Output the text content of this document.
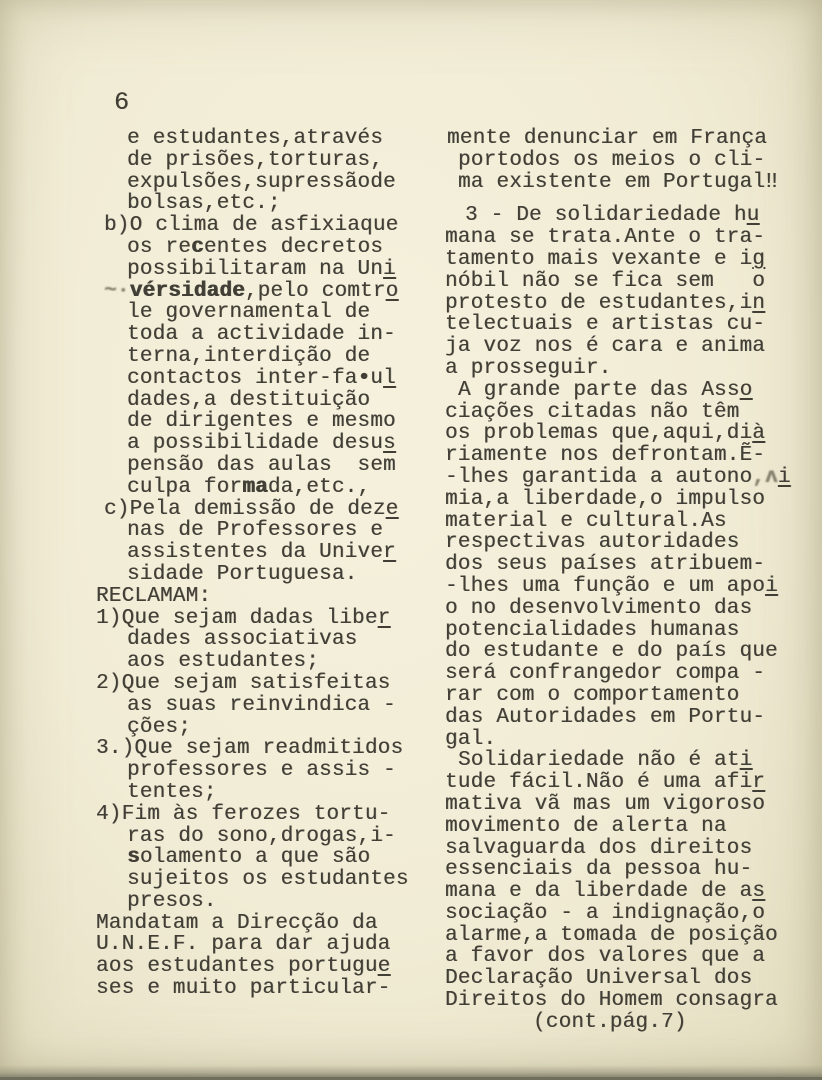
6
e estudantes,através
de prisões,torturas,
expulsões,supressãode
bolsas,etc.;
b)O clima de asfixiaque
os recentes decretos
possibilitaram na Uni
~·vérsidade,pelo comtro
le governamental de
toda a actividade in-
terna,interdição de
contactos inter-fa•ul
dades,a destituição
de dirigentes e mesmo
a possibilidade desus
pensão das aulas  sem
culpa formada,etc.,
c)Pela demissão de deze
nas de Professores e
assistentes da Univer
sidade Portuguesa.
RECLAMAM:
1)Que sejam dadas liber
dades associativas
aos estudantes;
2)Que sejam satisfeitas
as suas reinvindica -
ções;
3.)Que sejam readmitidos
professores e assis -
tentes;
4)Fim às ferozes tortu-
ras do sono,drogas,i-
solamento a que são
sujeitos os estudantes
presos.
Mandatam a Direcção da
U.N.E.F. para dar ajuda
aos estudantes portugue
ses e muito particular-
mente denunciar em França
portodos os meios o cli-
ma existente em Portugal‼
3 - De solidariedade hu
mana se trata.Ante o tra-
tamento mais vexante e ig
nóbil não se fica sem   o
protesto de estudantes,in
telectuais e artistas cu-
ja voz nos é cara e anima
a prosseguir.
A grande parte das Asso
ciações citadas não têm
os problemas que,aqui,dià
riamente nos defrontam.Ẽ-
-lhes garantida a autono,ʌi
mia,a liberdade,o impulso
material e cultural.As
respectivas autoridades
dos seus países atribuem-
-lhes uma função e um apoi
o no desenvolvimento das
potencialidades humanas
do estudante e do país que
será confrangedor compa -
rar com o comportamento
das Autoridades em Portu-
gal.
Solidariedade não é ati
tude fácil.Não é uma afir
mativa vã mas um vigoroso
movimento de alerta na
salvaguarda dos direitos
essenciais da pessoa hu-
mana e da liberdade de as
sociação - a indignação,o
alarme,a tomada de posição
a favor dos valores que a
Declaração Universal dos
Direitos do Homem consagra
(cont.pág.7)
